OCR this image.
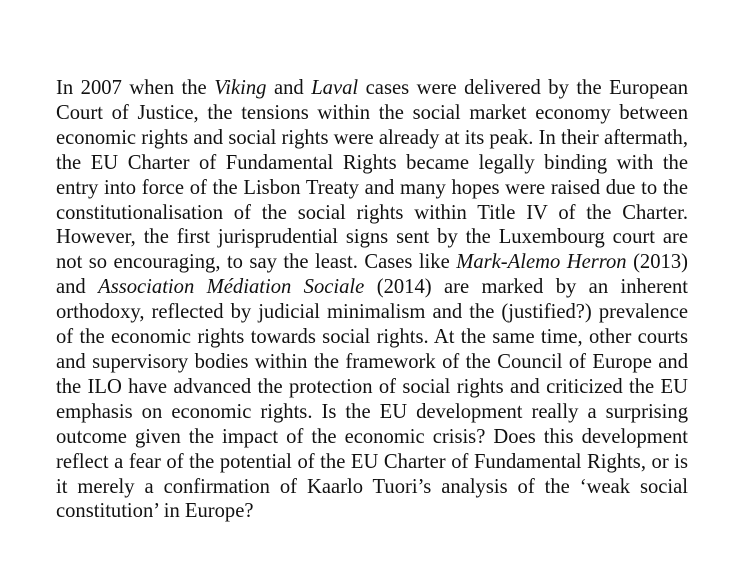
In 2007 when the Viking and Laval cases were delivered by the European Court of Justice, the tensions within the social market economy between economic rights and social rights were already at its peak. In their aftermath, the EU Charter of Fundamental Rights became legally binding with the entry into force of the Lisbon Treaty and many hopes were raised due to the constitutionalisation of the social rights within Title IV of the Charter. However, the first jurisprudential signs sent by the Luxembourg court are not so encouraging, to say the least. Cases like Mark-Alemo Herron (2013) and Association Médiation Sociale (2014) are marked by an inherent orthodoxy, reflected by judicial minimalism and the (justified?) prevalence of the economic rights towards social rights. At the same time, other courts and supervisory bodies within the framework of the Council of Europe and the ILO have advanced the protection of social rights and criticized the EU emphasis on economic rights. Is the EU development really a surprising outcome given the impact of the economic crisis? Does this development reflect a fear of the potential of the EU Charter of Fundamental Rights, or is it merely a confirmation of Kaarlo Tuori’s analysis of the ‘weak social constitution’ in Europe?
